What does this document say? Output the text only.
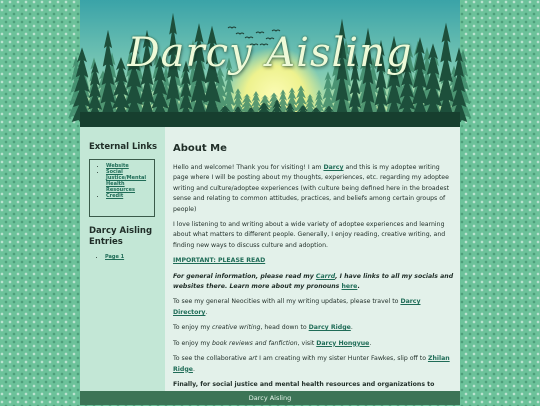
Darcy Aisling
External Links
• Website
• Social Justice/Mental Health Resources
• Credit
Darcy Aisling Entries
• Page 1
About Me

Hello and welcome! Thank you for visiting! I am Darcy and this is my adoptee writing page where I will be posting about my thoughts, experiences, etc. regarding my adoptee writing and culture/adoptee experiences (with culture being defined here in the broadest sense and relating to common attitudes, practices, and beliefs among certain groups of people)

I love listening to and writing about a wide variety of adoptee experiences and learning about what matters to different people. Generally, I enjoy reading, creative writing, and finding new ways to discuss culture and adoption.

IMPORTANT: PLEASE READ

For general information, please read my Carrd, I have links to all my socials and websites there. Learn more about my pronouns here.

To see my general Neocities with all my writing updates, please travel to Darcy Directory.

To enjoy my creative writing, head down to Darcy Ridge.

To enjoy my book reviews and fanfiction, visit Darcy Hongyue.

To see the collaborative art I am creating with my sister Hunter Fawkes, slip off to Zhilan Ridge.

Finally, for social justice and mental health resources and organizations to

Darcy Aisling
